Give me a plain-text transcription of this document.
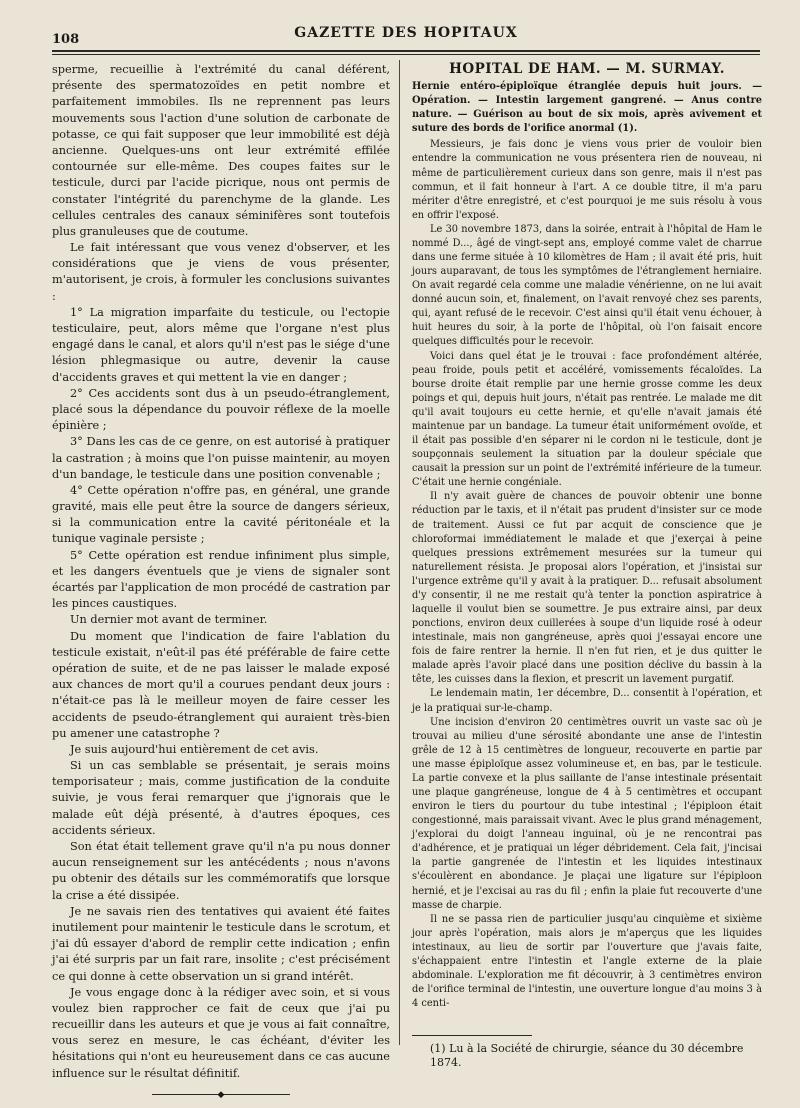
108	GAZETTE DES HOPITAUX

sperme, recueillie à l'extrémité du canal déférent, présente des spermatozoïdes en petit nombre et parfaitement immobiles. Ils ne reprennent pas leurs mouvements sous l'action d'une solution de carbonate de potasse, ce qui fait supposer que leur immobilité est déjà ancienne. Quelques-uns ont leur extrémité effilée contournée sur elle-même. Des coupes faites sur le testicule, durci par l'acide picrique, nous ont permis de constater l'intégrité du parenchyme de la glande. Les cellules centrales des canaux séminifères sont toutefois plus granuleuses que de coutume.

Le fait intéressant que vous venez d'observer, et les considérations que je viens de vous présenter, m'autorisent, je crois, à formuler les conclusions suivantes :

1° La migration imparfaite du testicule, ou l'ectopie testiculaire, peut, alors même que l'organe n'est plus engagé dans le canal, et alors qu'il n'est pas le siége d'une lésion phlegmasique ou autre, devenir la cause d'accidents graves et qui mettent la vie en danger ;

2° Ces accidents sont dus à un pseudo-étranglement, placé sous la dépendance du pouvoir réflexe de la moelle épinière ;

3° Dans les cas de ce genre, on est autorisé à pratiquer la castration ; à moins que l'on puisse maintenir, au moyen d'un bandage, le testicule dans une position convenable ;

4° Cette opération n'offre pas, en général, une grande gravité, mais elle peut être la source de dangers sérieux, si la communication entre la cavité péritonéale et la tunique vaginale persiste ;

5° Cette opération est rendue infiniment plus simple, et les dangers éventuels que je viens de signaler sont écartés par l'application de mon procédé de castration par les pinces caustiques.

Un dernier mot avant de terminer.

Du moment que l'indication de faire l'ablation du testicule existait, n'eût-il pas été préférable de faire cette opération de suite, et de ne pas laisser le malade exposé aux chances de mort qu'il a courues pendant deux jours : n'était-ce pas là le meilleur moyen de faire cesser les accidents de pseudo-étranglement qui auraient très-bien pu amener une catastrophe ?

Je suis aujourd'hui entièrement de cet avis.

Si un cas semblable se présentait, je serais moins temporisateur ; mais, comme justification de la conduite suivie, je vous ferai remarquer que j'ignorais que le malade eût déjà présenté, à d'autres époques, ces accidents sérieux.

Son état était tellement grave qu'il n'a pu nous donner aucun renseignement sur les antécédents ; nous n'avons pu obtenir des détails sur les commémoratifs que lorsque la crise a été dissipée.

Je ne savais rien des tentatives qui avaient été faites inutilement pour maintenir le testicule dans le scrotum, et j'ai dû essayer d'abord de remplir cette indication ; enfin j'ai été surpris par un fait rare, insolite ; c'est précisément ce qui donne à cette observation un si grand intérêt.

Je vous engage donc à la rédiger avec soin, et si vous voulez bien rapprocher ce fait de ceux que j'ai pu recueillir dans les auteurs et que je vous ai fait connaître, vous serez en mesure, le cas échéant, d'éviter les hésitations qui n'ont eu heureusement dans ce cas aucune influence sur le résultat définitif.

◆
HOPITAL DE HAM. — M. SURMAY.

Hernie entéro-épiploïque étranglée depuis huit jours. — Opération. — Intestin largement gangrené. — Anus contre nature. — Guérison au bout de six mois, après avivement et suture des bords de l'orifice anormal (1).

Messieurs, je fais donc je viens vous prier de vouloir bien entendre la communication ne vous présentera rien de nouveau, ni même de particulièrement curieux dans son genre, mais il n'est pas commun, et il fait honneur à l'art. A ce double titre, il m'a paru mériter d'être enregistré, et c'est pourquoi je me suis résolu à vous en offrir l'exposé.

Le 30 novembre 1873, dans la soirée, entrait à l'hôpital de Ham le nommé D..., âgé de vingt-sept ans, employé comme valet de charrue dans une ferme située à 10 kilomètres de Ham ; il avait été pris, huit jours auparavant, de tous les symptômes de l'étranglement herniaire. On avait regardé cela comme une maladie vénérienne, on ne lui avait donné aucun soin, et, finalement, on l'avait renvoyé chez ses parents, qui, ayant refusé de le recevoir. C'est ainsi qu'il était venu échouer, à huit heures du soir, à la porte de l'hôpital, où l'on faisait encore quelques difficultés pour le recevoir.

Voici dans quel état je le trouvai : face profondément altérée, peau froide, pouls petit et accéléré, vomissements fécaloïdes. La bourse droite était remplie par une hernie grosse comme les deux poings et qui, depuis huit jours, n'était pas rentrée. Le malade me dit qu'il avait toujours eu cette hernie, et qu'elle n'avait jamais été maintenue par un bandage. La tumeur était uniformément ovoïde, et il était pas possible d'en séparer ni le cordon ni le testicule, dont je soupçonnais seulement la situation par la douleur spéciale que causait la pression sur un point de l'extrémité inférieure de la tumeur. C'était une hernie congéniale.

Il n'y avait guère de chances de pouvoir obtenir une bonne réduction par le taxis, et il n'était pas prudent d'insister sur ce mode de traitement. Aussi ce fut par acquit de conscience que je chloroformai immédiatement le malade et que j'exerçai à peine quelques pressions extrêmement mesurées sur la tumeur qui naturellement résista. Je proposai alors l'opération, et j'insistai sur l'urgence extrême qu'il y avait à la pratiquer. D... refusait absolument d'y consentir, il ne me restait qu'à tenter la ponction aspiratrice à laquelle il voulut bien se soumettre. Je pus extraire ainsi, par deux ponctions, environ deux cuillerées à soupe d'un liquide rosé à odeur intestinale, mais non gangréneuse, après quoi j'essayai encore une fois de faire rentrer la hernie. Il n'en fut rien, et je dus quitter le malade après l'avoir placé dans une position déclive du bassin à la tête, les cuisses dans la flexion, et prescrit un lavement purgatif.

Le lendemain matin, 1er décembre, D... consentit à l'opération, et je la pratiquai sur-le-champ.

Une incision d'environ 20 centimètres ouvrit un vaste sac où je trouvai au milieu d'une sérosité abondante une anse de l'intestin grêle de 12 à 15 centimètres de longueur, recouverte en partie par une masse épiploïque assez volumineuse et, en bas, par le testicule. La partie convexe et la plus saillante de l'anse intestinale présentait une plaque gangréneuse, longue de 4 à 5 centimètres et occupant environ le tiers du pourtour du tube intestinal ; l'épiploon était congestionné, mais paraissait vivant. Avec le plus grand ménagement, j'explorai du doigt l'anneau inguinal, où je ne rencontrai pas d'adhérence, et je pratiquai un léger débridement. Cela fait, j'incisai la partie gangrenée de l'intestin et les liquides intestinaux s'écoulèrent en abondance. Je plaçai une ligature sur l'épiploon hernié, et je l'excisai au ras du fil ; enfin la plaie fut recouverte d'une masse de charpie.

Il ne se passa rien de particulier jusqu'au cinquième et sixième jour après l'opération, mais alors je m'aperçus que les liquides intestinaux, au lieu de sortir par l'ouverture que j'avais faite, s'échappaient entre l'intestin et l'angle externe de la plaie abdominale. L'exploration me fit découvrir, à 3 centimètres environ de l'orifice terminal de l'intestin, une ouverture longue d'au moins 3 à 4 centi-

(1) Lu à la Société de chirurgie, séance du 30 décembre 1874.
